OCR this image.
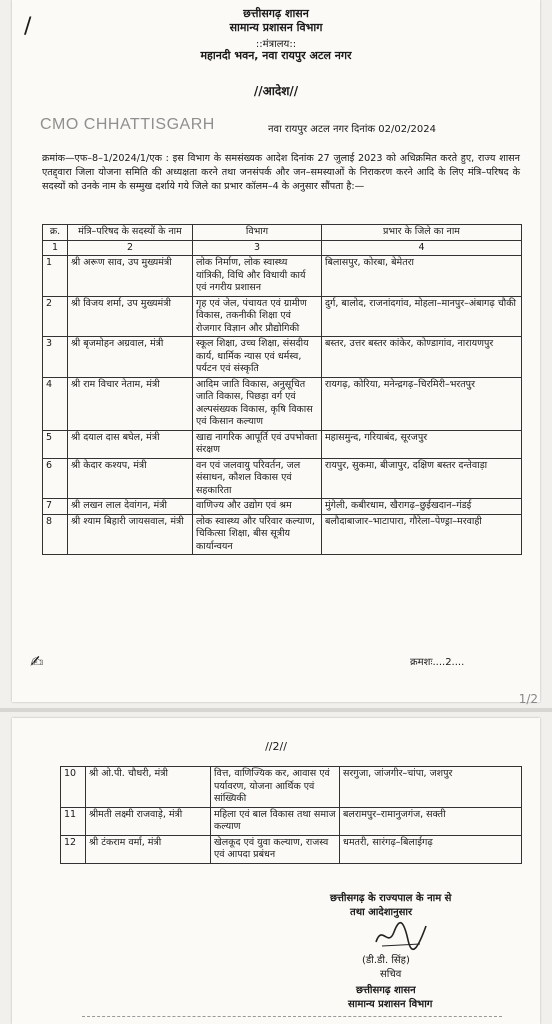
/
छत्तीसगढ़ शासन
सामान्य प्रशासन विभाग
::मंत्रालय::
महानदी भवन, नवा रायपुर अटल नगर
//आदेश//
CMO CHHATTISGARH	नवा रायपुर अटल नगर दिनांक 02/02/2024
क्रमांक—एफ–8–1/2024/1/एक : इस विभाग के समसंख्यक आदेश दिनांक 27 जुलाई 2023 को अधिक्रमित करते हुए, राज्य शासन एतद्द्वारा जिला योजना समिति की अध्यक्षता करने तथा जनसंपर्क और जन–समस्याओं के निराकरण करने आदि के लिए मंत्रि–परिषद के सदस्यों को उनके नाम के सम्मुख दर्शाये गये जिले का प्रभार कॉलम–4 के अनुसार सौंपता है:—
क्र.	मंत्रि–परिषद के सदस्यों के नाम	विभाग	प्रभार के जिले का नाम
1	2	3	4
1	श्री अरूण साव, उप मुख्यमंत्री	लोक निर्माण, लोक स्वास्थ्य यांत्रिकी, विधि और विधायी कार्य एवं नगरीय प्रशासन	बिलासपुर, कोरबा, बेमेतरा
2	श्री विजय शर्मा, उप मुख्यमंत्री	गृह एवं जेल, पंचायत एवं ग्रामीण विकास, तकनीकी शिक्षा एवं रोजगार विज्ञान और प्रौद्योगिकी	दुर्ग, बालोद, राजनांदगांव, मोहला–मानपुर–अंबागढ़ चौकी
3	श्री बृजमोहन अग्रवाल, मंत्री	स्कूल शिक्षा, उच्च शिक्षा, संसदीय कार्य, धार्मिक न्यास एवं धर्मस्व, पर्यटन एवं संस्कृति	बस्तर, उत्तर बस्तर कांकेर, कोण्डागांव, नारायणपुर
4	श्री राम विचार नेताम, मंत्री	आदिम जाति विकास, अनुसूचित जाति विकास, पिछड़ा वर्ग एवं अल्पसंख्यक विकास, कृषि विकास एवं किसान कल्याण	रायगढ़, कोरिया, मनेन्द्रगढ़–चिरमिरी–भरतपुर
5	श्री दयाल दास बघेल, मंत्री	खाद्य नागरिक आपूर्ति एवं उपभोक्ता संरक्षण	महासमुन्द, गरियाबंद, सूरजपुर
6	श्री केदार कश्यप, मंत्री	वन एवं जलवायु परिवर्तन, जल संसाधन, कौशल विकास एवं सहकारिता	रायपुर, सुकमा, बीजापुर, दक्षिण बस्तर दन्तेवाड़ा
7	श्री लखन लाल देवांगन, मंत्री	वाणिज्य और उद्योग एवं श्रम	मुंगेली, कबीरधाम, खैरागढ़–छुईखदान–गंडई
8	श्री श्याम बिहारी जायसवाल, मंत्री	लोक स्वास्थ्य और परिवार कल्याण, चिकित्सा शिक्षा, बीस सूत्रीय कार्यान्वयन	बलौदाबाजार–भाटापारा, गौरेला–पेण्ड्रा–मरवाही
✍	क्रमशः....2....
1/2
//2//
10	श्री ओ.पी. चौधरी, मंत्री	वित्त, वाणिज्यिक कर, आवास एवं पर्यावरण, योजना आर्थिक एवं सांख्यिकी	सरगुजा, जांजगीर–चांपा, जशपुर
11	श्रीमती लक्ष्मी राजवाड़े, मंत्री	महिला एवं बाल विकास तथा समाज कल्याण	बलरामपुर–रामानुजगंज, सक्ती
12	श्री टंकराम वर्मा, मंत्री	खेलकूद एवं युवा कल्याण, राजस्व एवं आपदा प्रबंधन	धमतरी, सारंगढ़–बिलाईगढ़
छत्तीसगढ़ के राज्यपाल के नाम से
तथा आदेशानुसार
(डी.डी. सिंह)
सचिव
छत्तीसगढ़ शासन
सामान्य प्रशासन विभाग
